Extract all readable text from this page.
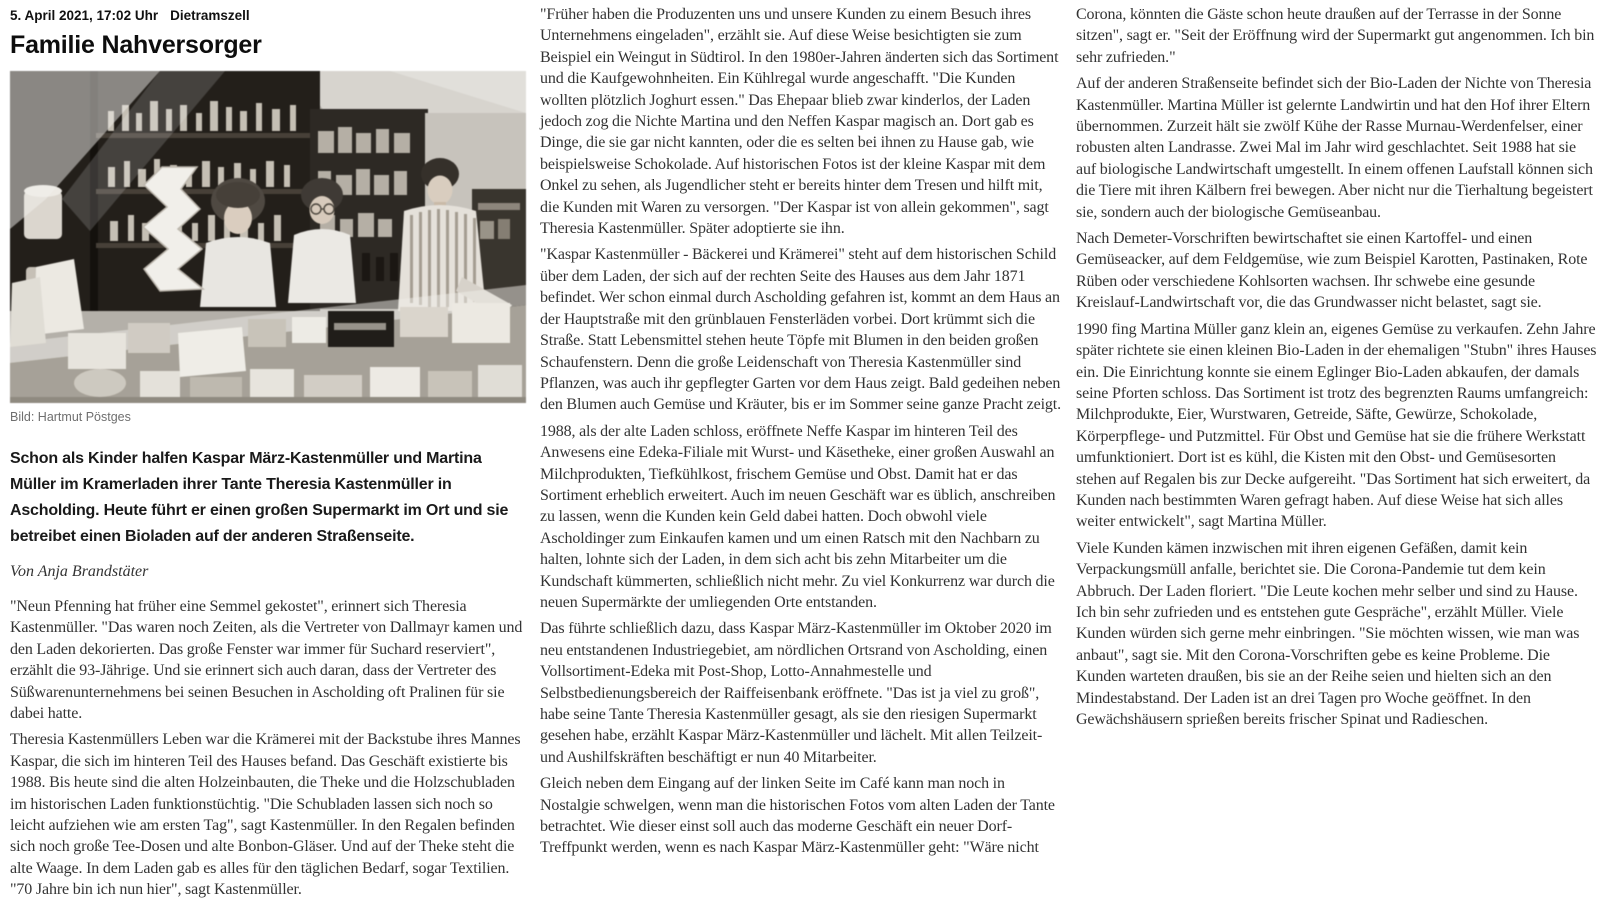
5. April 2021, 17:02 Uhr Dietramszell
Familie Nahversorger
Bild: Hartmut Pöstges

Schon als Kinder halfen Kaspar März-Kastenmüller und Martina Müller im Kramerladen ihrer Tante Theresia Kastenmüller in Ascholding. Heute führt er einen großen Supermarkt im Ort und sie betreibet einen Bioladen auf der anderen Straßenseite.

Von Anja Brandstäter

"Neun Pfenning hat früher eine Semmel gekostet", erinnert sich Theresia Kastenmüller. "Das waren noch Zeiten, als die Vertreter von Dallmayr kamen und den Laden dekorierten. Das große Fenster war immer für Suchard reserviert", erzählt die 93-Jährige. Und sie erinnert sich auch daran, dass der Vertreter des Süßwarenunternehmens bei seinen Besuchen in Ascholding oft Pralinen für sie dabei hatte.

Theresia Kastenmüllers Leben war die Krämerei mit der Backstube ihres Mannes Kaspar, die sich im hinteren Teil des Hauses befand. Das Geschäft existierte bis 1988. Bis heute sind die alten Holzeinbauten, die Theke und die Holzschubladen im historischen Laden funktionstüchtig. "Die Schubladen lassen sich noch so leicht aufziehen wie am ersten Tag", sagt Kastenmüller. In den Regalen befinden sich noch große Tee-Dosen und alte Bonbon-Gläser. Und auf der Theke steht die alte Waage. In dem Laden gab es alles für den täglichen Bedarf, sogar Textilien. "70 Jahre bin ich nun hier", sagt Kastenmüller.

"Früher haben die Produzenten uns und unsere Kunden zu einem Besuch ihres Unternehmens eingeladen", erzählt sie. Auf diese Weise besichtigten sie zum Beispiel ein Weingut in Südtirol. In den 1980er-Jahren änderten sich das Sortiment und die Kaufgewohnheiten. Ein Kühlregal wurde angeschafft. "Die Kunden wollten plötzlich Joghurt essen." Das Ehepaar blieb zwar kinderlos, der Laden jedoch zog die Nichte Martina und den Neffen Kaspar magisch an. Dort gab es Dinge, die sie gar nicht kannten, oder die es selten bei ihnen zu Hause gab, wie beispielsweise Schokolade. Auf historischen Fotos ist der kleine Kaspar mit dem Onkel zu sehen, als Jugendlicher steht er bereits hinter dem Tresen und hilft mit, die Kunden mit Waren zu versorgen. "Der Kaspar ist von allein gekommen", sagt Theresia Kastenmüller. Später adoptierte sie ihn.

"Kaspar Kastenmüller - Bäckerei und Krämerei" steht auf dem historischen Schild über dem Laden, der sich auf der rechten Seite des Hauses aus dem Jahr 1871 befindet. Wer schon einmal durch Ascholding gefahren ist, kommt an dem Haus an der Hauptstraße mit den grünblauen Fensterläden vorbei. Dort krümmt sich die Straße. Statt Lebensmittel stehen heute Töpfe mit Blumen in den beiden großen Schaufenstern. Denn die große Leidenschaft von Theresia Kastenmüller sind Pflanzen, was auch ihr gepflegter Garten vor dem Haus zeigt. Bald gedeihen neben den Blumen auch Gemüse und Kräuter, bis er im Sommer seine ganze Pracht zeigt.

1988, als der alte Laden schloss, eröffnete Neffe Kaspar im hinteren Teil des Anwesens eine Edeka-Filiale mit Wurst- und Käsetheke, einer großen Auswahl an Milchprodukten, Tiefkühlkost, frischem Gemüse und Obst. Damit hat er das Sortiment erheblich erweitert. Auch im neuen Geschäft war es üblich, anschreiben zu lassen, wenn die Kunden kein Geld dabei hatten. Doch obwohl viele Ascholdinger zum Einkaufen kamen und um einen Ratsch mit den Nachbarn zu halten, lohnte sich der Laden, in dem sich acht bis zehn Mitarbeiter um die Kundschaft kümmerten, schließlich nicht mehr. Zu viel Konkurrenz war durch die neuen Supermärkte der umliegenden Orte entstanden.

Das führte schließlich dazu, dass Kaspar März-Kastenmüller im Oktober 2020 im neu entstandenen Industriegebiet, am nördlichen Ortsrand von Ascholding, einen Vollsortiment-Edeka mit Post-Shop, Lotto-Annahmestelle und Selbstbedienungsbereich der Raiffeisenbank eröffnete. "Das ist ja viel zu groß", habe seine Tante Theresia Kastenmüller gesagt, als sie den riesigen Supermarkt gesehen habe, erzählt Kaspar März-Kastenmüller und lächelt. Mit allen Teilzeit- und Aushilfskräften beschäftigt er nun 40 Mitarbeiter.

Gleich neben dem Eingang auf der linken Seite im Café kann man noch in Nostalgie schwelgen, wenn man die historischen Fotos vom alten Laden der Tante betrachtet. Wie dieser einst soll auch das moderne Geschäft ein neuer Dorf-Treffpunkt werden, wenn es nach Kaspar März-Kastenmüller geht: "Wäre nicht

Corona, könnten die Gäste schon heute draußen auf der Terrasse in der Sonne sitzen", sagt er. "Seit der Eröffnung wird der Supermarkt gut angenommen. Ich bin sehr zufrieden."

Auf der anderen Straßenseite befindet sich der Bio-Laden der Nichte von Theresia Kastenmüller. Martina Müller ist gelernte Landwirtin und hat den Hof ihrer Eltern übernommen. Zurzeit hält sie zwölf Kühe der Rasse Murnau-Werdenfelser, einer robusten alten Landrasse. Zwei Mal im Jahr wird geschlachtet. Seit 1988 hat sie auf biologische Landwirtschaft umgestellt. In einem offenen Laufstall können sich die Tiere mit ihren Kälbern frei bewegen. Aber nicht nur die Tierhaltung begeistert sie, sondern auch der biologische Gemüseanbau.

Nach Demeter-Vorschriften bewirtschaftet sie einen Kartoffel- und einen Gemüseacker, auf dem Feldgemüse, wie zum Beispiel Karotten, Pastinaken, Rote Rüben oder verschiedene Kohlsorten wachsen. Ihr schwebe eine gesunde Kreislauf-Landwirtschaft vor, die das Grundwasser nicht belastet, sagt sie.

1990 fing Martina Müller ganz klein an, eigenes Gemüse zu verkaufen. Zehn Jahre später richtete sie einen kleinen Bio-Laden in der ehemaligen "Stubn" ihres Hauses ein. Die Einrichtung konnte sie einem Eglinger Bio-Laden abkaufen, der damals seine Pforten schloss. Das Sortiment ist trotz des begrenzten Raums umfangreich: Milchprodukte, Eier, Wurstwaren, Getreide, Säfte, Gewürze, Schokolade, Körperpflege- und Putzmittel. Für Obst und Gemüse hat sie die frühere Werkstatt umfunktioniert. Dort ist es kühl, die Kisten mit den Obst- und Gemüsesorten stehen auf Regalen bis zur Decke aufgereiht. "Das Sortiment hat sich erweitert, da Kunden nach bestimmten Waren gefragt haben. Auf diese Weise hat sich alles weiter entwickelt", sagt Martina Müller.

Viele Kunden kämen inzwischen mit ihren eigenen Gefäßen, damit kein Verpackungsmüll anfalle, berichtet sie. Die Corona-Pandemie tut dem kein Abbruch. Der Laden floriert. "Die Leute kochen mehr selber und sind zu Hause. Ich bin sehr zufrieden und es entstehen gute Gespräche", erzählt Müller. Viele Kunden würden sich gerne mehr einbringen. "Sie möchten wissen, wie man was anbaut", sagt sie. Mit den Corona-Vorschriften gebe es keine Probleme. Die Kunden warteten draußen, bis sie an der Reihe seien und hielten sich an den Mindestabstand. Der Laden ist an drei Tagen pro Woche geöffnet. In den Gewächshäusern sprießen bereits frischer Spinat und Radieschen.
